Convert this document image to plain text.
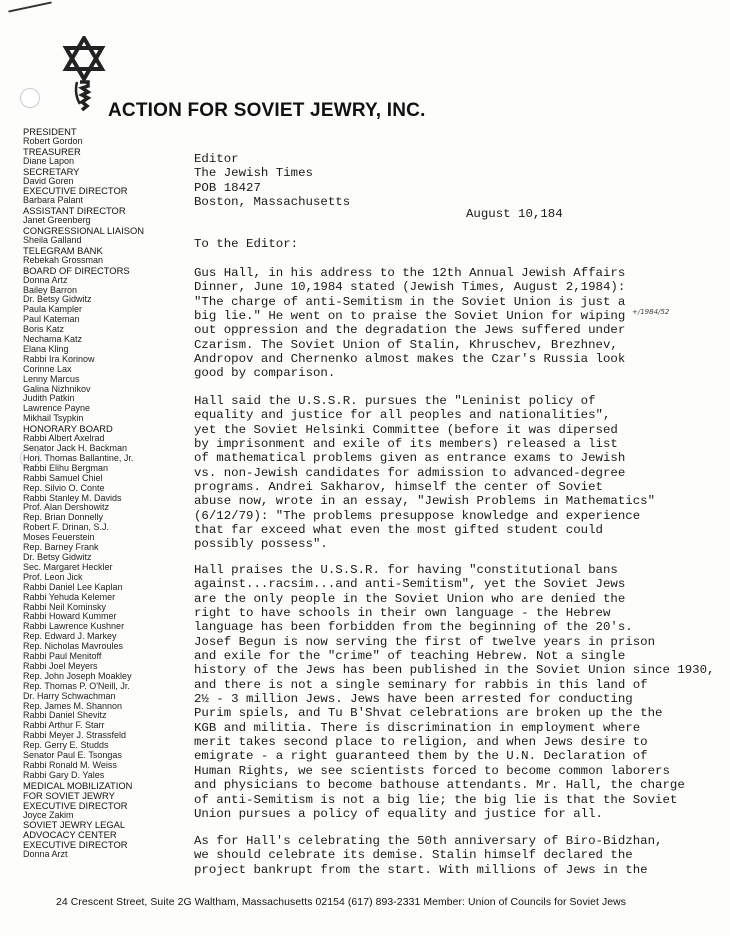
ACTION FOR SOVIET JEWRY, INC.
PRESIDENT
Robert Gordon
TREASURER
Diane Lapon
SECRETARY
David Goren
EXECUTIVE DIRECTOR
Barbara Palant
ASSISTANT DIRECTOR
Janet Greenberg
CONGRESSIONAL LIAISON
Sheila Galland
TELEGRAM BANK
Rebekah Grossman
BOARD OF DIRECTORS
Donna Artz
Bailey Barron
Dr. Betsy Gidwitz
Paula Kampler
Paul Kateman
Boris Katz
Nechama Katz
Elana Kling
Rabbi Ira Korinow
Corinne Lax
Lenny Marcus
Galina Nizhnikov
Judith Patkin
Lawrence Payne
Mikhail Tsypkin
HONORARY BOARD
Rabbi Albert Axelrad
Senator Jack H. Backman
Hon. Thomas Ballantine, Jr.
Rabbi Elihu Bergman
Rabbi Samuel Chiel
Rep. Silvio O. Conte
Rabbi Stanley M. Davids
Prof. Alan Dershowitz
Rep. Brian Donnelly
Robert F. Drinan, S.J.
Moses Feuerstein
Rep. Barney Frank
Dr. Betsy Gidwitz
Sec. Margaret Heckler
Prof. Leon Jick
Rabbi Daniel Lee Kaplan
Rabbi Yehuda Kelemer
Rabbi Neil Kominsky
Rabbi Howard Kummer
Rabbi Lawrence Kushner
Rep. Edward J. Markey
Rep. Nicholas Mavroules
Rabbi Paul Menitoff
Rabbi Joel Meyers
Rep. John Joseph Moakley
Rep. Thomas P. O'Neill, Jr.
Dr. Harry Schwachman
Rep. James M. Shannon
Rabbi Daniel Shevitz
Rabbi Arthur F. Starr
Rabbi Meyer J. Strassfeld
Rep. Gerry E. Studds
Senator Paul E. Tsongas
Rabbi Ronald M. Weiss
Rabbi Gary D. Yales
MEDICAL MOBILIZATION
FOR SOVIET JEWRY
EXECUTIVE DIRECTOR
Joyce Zakim
SOVIET JEWRY LEGAL
ADVOCACY CENTER
EXECUTIVE DIRECTOR
Donna Arzt
Editor
The Jewish Times
POB 18427
Boston, Massachusetts
August 10,184
To the Editor:
Gus Hall, in his address to the 12th Annual Jewish Affairs
Dinner, June 10,1984 stated (Jewish Times, August 2,1984):
"The charge of anti-Semitism in the Soviet Union is just a
big lie." He went on to praise the Soviet Union for wiping
out oppression and the degradation the Jews suffered under
Czarism. The Soviet Union of Stalin, Khruschev, Brezhnev,
Andropov and Chernenko almost makes the Czar's Russia look
good by comparison.
+/1984/52
Hall said the U.S.S.R. pursues the "Leninist policy of
equality and justice for all peoples and nationalities",
yet the Soviet Helsinki Committee (before it was dipersed
by imprisonment and exile of its members) released a list
of mathematical problems given as entrance exams to Jewish
vs. non-Jewish candidates for admission to advanced-degree
programs. Andrei Sakharov, himself the center of Soviet
abuse now, wrote in an essay, "Jewish Problems in Mathematics"
(6/12/79): "The problems presuppose knowledge and experience
that far exceed what even the most gifted student could
possibly possess".
Hall praises the U.S.S.R. for having "constitutional bans
against...racsim...and anti-Semitism", yet the Soviet Jews
are the only people in the Soviet Union who are denied the
right to have schools in their own language - the Hebrew
language has been forbidden from the beginning of the 20's.
Josef Begun is now serving the first of twelve years in prison
and exile for the "crime" of teaching Hebrew. Not a single
history of the Jews has been published in the Soviet Union since 1930,
and there is not a single seminary for rabbis in this land of
2½ - 3 million Jews. Jews have been arrested for conducting
Purim spiels, and Tu B'Shvat celebrations are broken up the the
KGB and militia. There is discrimination in employment where
merit takes second place to religion, and when Jews desire to
emigrate - a right guaranteed them by the U.N. Declaration of
Human Rights, we see scientists forced to become common laborers
and physicians to become bathouse attendants. Mr. Hall, the charge
of anti-Semitism is not a big lie; the big lie is that the Soviet
Union pursues a policy of equality and justice for all.
As for Hall's celebrating the 50th anniversary of Biro-Bidzhan,
we should celebrate its demise. Stalin himself declared the
project bankrupt from the start. With millions of Jews in the
24 Crescent Street, Suite 2G Waltham, Massachusetts 02154 (617) 893-2331 Member: Union of Councils for Soviet Jews
